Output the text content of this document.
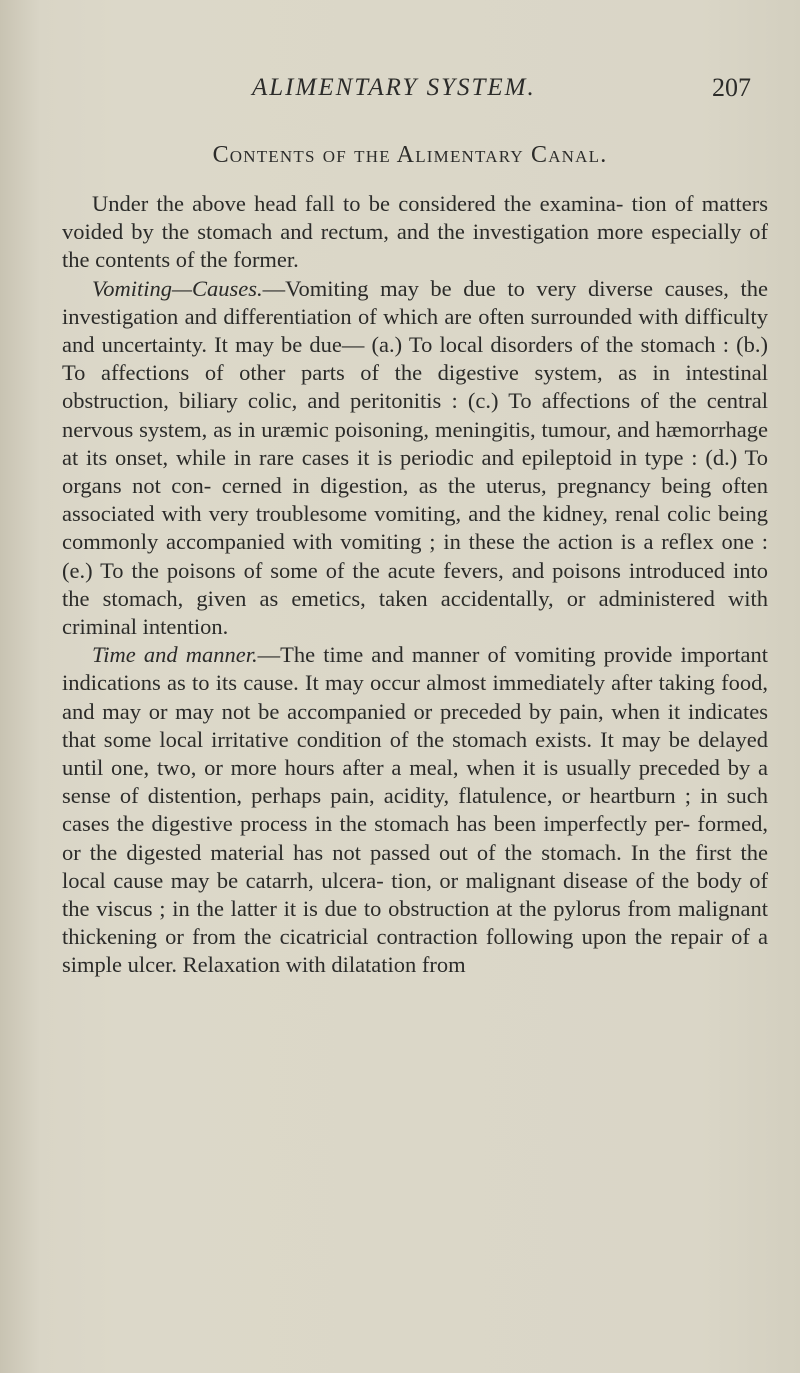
ALIMENTARY SYSTEM.	207
Contents of the Alimentary Canal.

Under the above head fall to be considered the examina- tion of matters voided by the stomach and rectum, and the investigation more especially of the contents of the former.

Vomiting—Causes.—Vomiting may be due to very diverse causes, the investigation and differentiation of which are often surrounded with difficulty and uncertainty. It may be due— (a.) To local disorders of the stomach : (b.) To affections of other parts of the digestive system, as in intestinal obstruction, biliary colic, and peritonitis : (c.) To affections of the central nervous system, as in uræmic poisoning, meningitis, tumour, and hæmorrhage at its onset, while in rare cases it is periodic and epileptoid in type : (d.) To organs not con- cerned in digestion, as the uterus, pregnancy being often associated with very troublesome vomiting, and the kidney, renal colic being commonly accompanied with vomiting ; in these the action is a reflex one : (e.) To the poisons of some of the acute fevers, and poisons introduced into the stomach, given as emetics, taken accidentally, or administered with criminal intention.

Time and manner.—The time and manner of vomiting provide important indications as to its cause. It may occur almost immediately after taking food, and may or may not be accompanied or preceded by pain, when it indicates that some local irritative condition of the stomach exists. It may be delayed until one, two, or more hours after a meal, when it is usually preceded by a sense of distention, perhaps pain, acidity, flatulence, or heartburn ; in such cases the digestive process in the stomach has been imperfectly per- formed, or the digested material has not passed out of the stomach. In the first the local cause may be catarrh, ulcera- tion, or malignant disease of the body of the viscus ; in the latter it is due to obstruction at the pylorus from malignant thickening or from the cicatricial contraction following upon the repair of a simple ulcer. Relaxation with dilatation from
